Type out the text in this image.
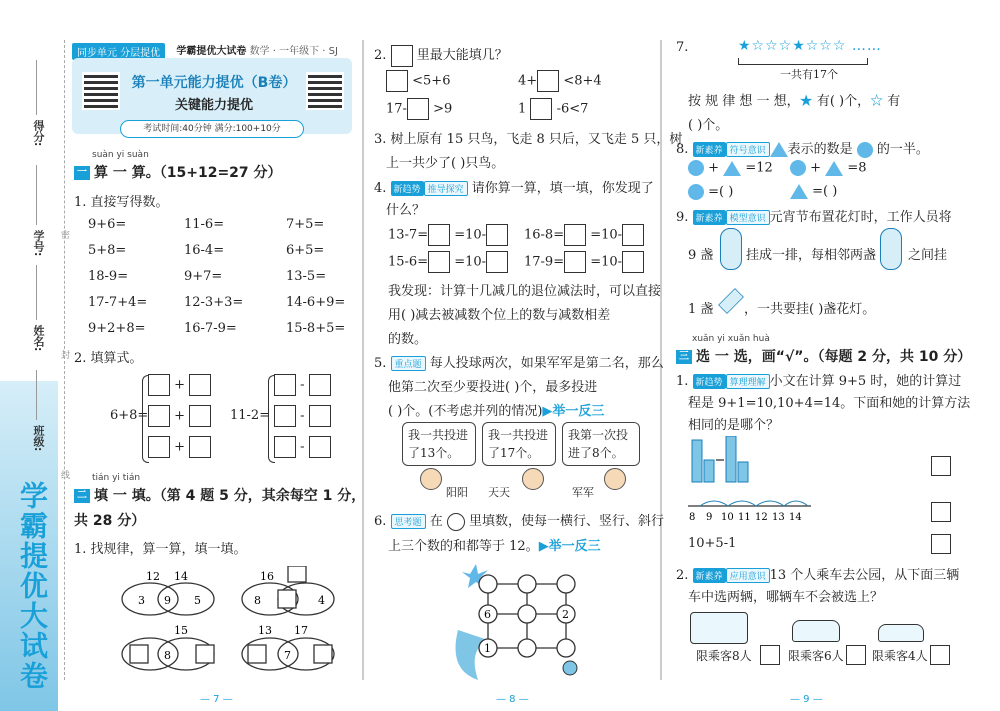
学霸提优大试卷
得分:
学号:
姓名:
班级:
密
封
线
同步单元 分层提优 学霸提优大试卷 数学 · 一年级下 · SJ
第一单元能力提优（B卷）
关键能力提优
考试时间:40分钟 满分:100+10分
suàn yi suàn
一 算 一 算。（15+12=27 分）
1. 直接写得数。
9+6=	11-6=	7+5=
5+8=	16-4=	6+5=
18-9=	9+7=	13-5=
17-7+4=	12-3+3=	14-6+9=
9+2+8=	16-7-9=	15-8+5=
2. 填算式。
6+8=
+
+
+
11-2=
-
-
-
tián yi tián
二 填 一 填。（第 4 题 5 分，其余每空 1 分，
共 28 分）
1. 找规律，算一算，填一填。
12 14
3 9 5
16
8	4
15
8
13 17
7
— 7 —
2. 里最大能填几？
<5+6	4+ <8+4
17- >9	1 -6<7
3. 树上原有 15 只鸟，飞走 8 只后，又飞走 5 只，树
上一共少了( )只鸟。
4. 新趋势 推导探究 请你算一算，填一填，你发现了
什么？
13-7= =10-	16-8= =10-
15-6= =10-	17-9= =10-
我发现：计算十几减几的退位减法时，可以直接
用( )减去被减数个位上的数与减数相差
的数。
5. 重点题 每人投球两次，如果军军是第二名，那么
他第二次至少要投进( )个，最多投进
( )个。(不考虑并列的情况)▶举一反三
我一共投进了13个。
我一共投进了17个。
我第一次投进了8个。
阳阳 天天	军军
6. 思考题 在 里填数，使每一横行、竖行、斜行
上三个数的和都等于 12。▶举一反三
6	2
1
— 8 —
7.	★☆☆☆★☆☆☆ ……
一共有17个
按 规 律 想 一 想，★ 有( )个，☆ 有
( )个。
8. 新素养 符号意识 表示的数是 的一半。
+ =12	+ =8
=( )	=( )
9. 新素养 模型意识 元宵节布置花灯时，工作人员将
9 盏	挂成一排，每相邻两盏 之间挂
1 盏 ，一共要挂( )盏花灯。
xuǎn yi xuǎn huà
三 选 一 选，画“√”。（每题 2 分，共 10 分）
1. 新趋势 算理理解 小文在计算 9+5 时，她的计算过
程是 9+1=10,10+4=14。下面和她的计算方法
相同的是哪个？
8 9 10 11 12 13 14
10+5-1
2. 新素养 应用意识 13 个人乘车去公园，从下面三辆
车中选两辆，哪辆车不会被选上？
限乘客8人	限乘客6人 限乘客4人
— 9 —
